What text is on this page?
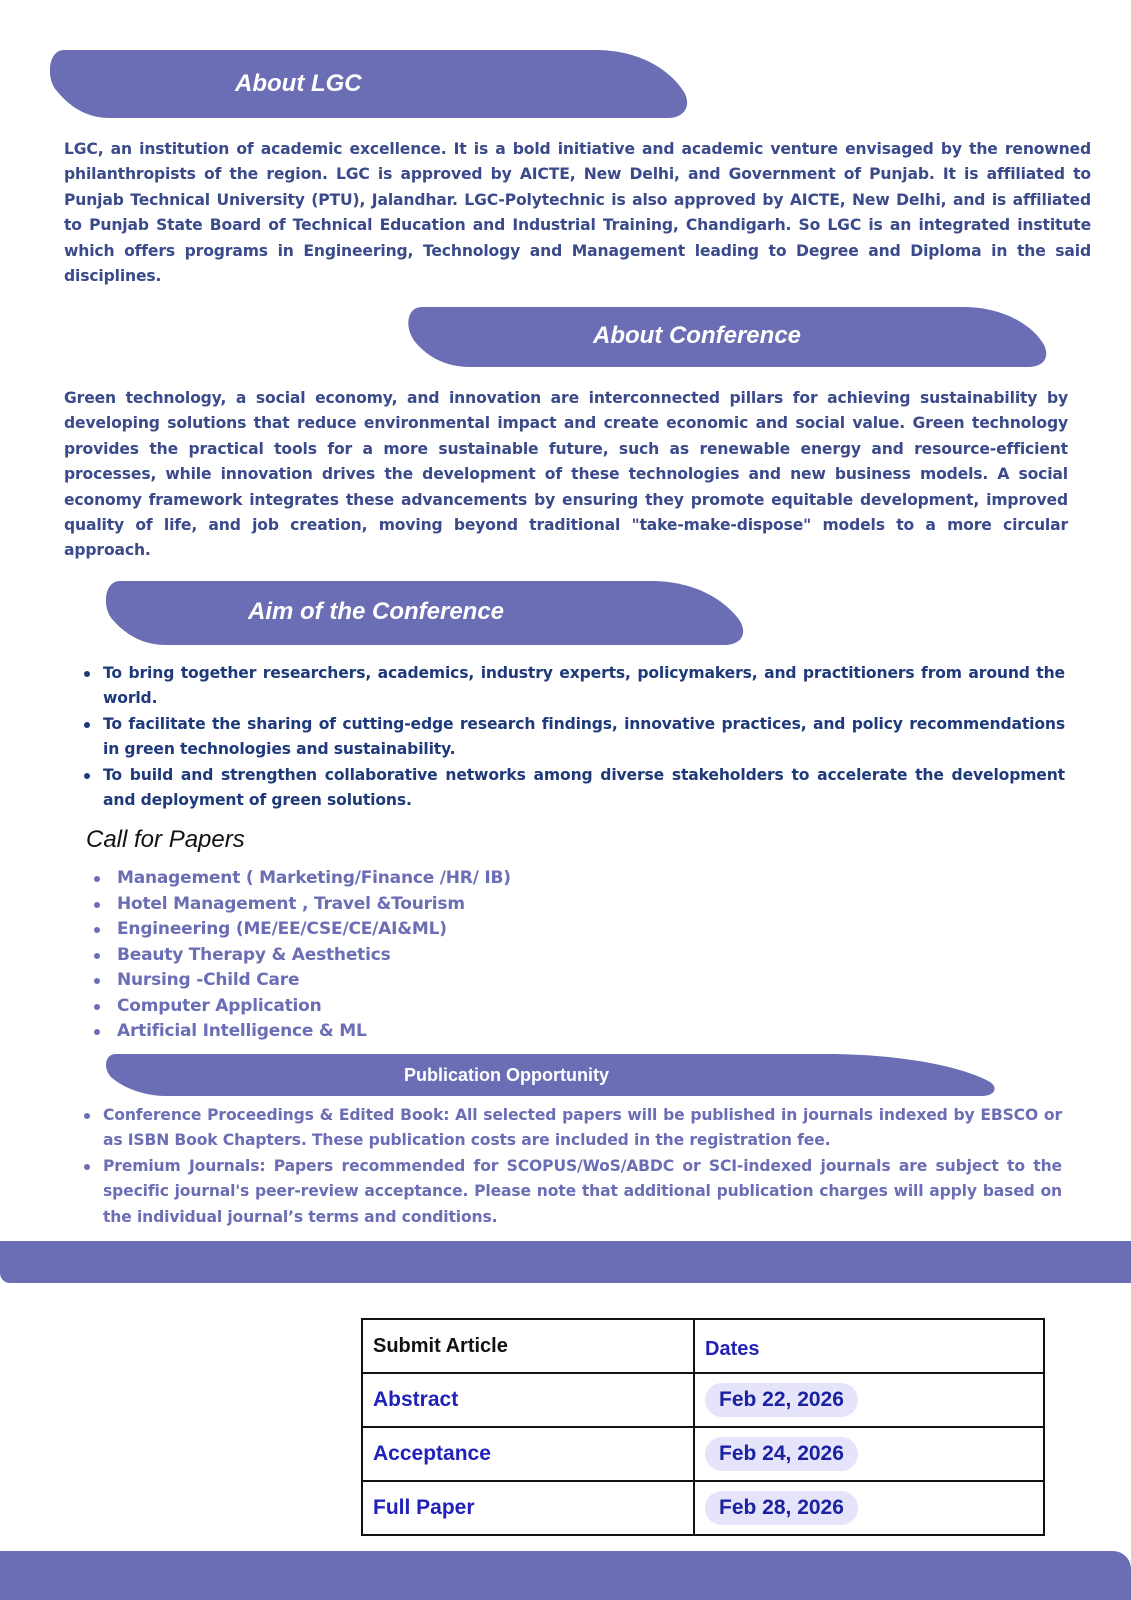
About LGC

LGC, an institution of academic excellence. It is a bold initiative and academic venture envisaged by the renowned philanthropists of the region. LGC is approved by AICTE, New Delhi, and Government of Punjab. It is affiliated to Punjab Technical University (PTU), Jalandhar. LGC-Polytechnic is also approved by AICTE, New Delhi, and is affiliated to Punjab State Board of Technical Education and Industrial Training, Chandigarh. So LGC is an integrated institute which offers programs in Engineering, Technology and Management leading to Degree and Diploma in the said disciplines.

About Conference

Green technology, a social economy, and innovation are interconnected pillars for achieving sustainability by developing solutions that reduce environmental impact and create economic and social value. Green technology provides the practical tools for a more sustainable future, such as renewable energy and resource-efficient processes, while innovation drives the development of these technologies and new business models. A social economy framework integrates these advancements by ensuring they promote equitable development, improved quality of life, and job creation, moving beyond traditional "take-make-dispose" models to a more circular approach.

Aim of the Conference
To bring together researchers, academics, industry experts, policymakers, and practitioners from around the world.
To facilitate the sharing of cutting-edge research findings, innovative practices, and policy recommendations in green technologies and sustainability.
To build and strengthen collaborative networks among diverse stakeholders to accelerate the development and deployment of green solutions.
Call for Papers
Management ( Marketing/Finance /HR/ IB)
Hotel Management , Travel &Tourism
Engineering (ME/EE/CSE/CE/AI&ML)
Beauty Therapy & Aesthetics
Nursing -Child Care
Computer Application
Artificial Intelligence & ML
Publication Opportunity
Conference Proceedings & Edited Book: All selected papers will be published in journals indexed by EBSCO or as ISBN Book Chapters. These publication costs are included in the registration fee.
Premium Journals: Papers recommended for SCOPUS/WoS/ABDC or SCI-indexed journals are subject to the specific journal's peer-review acceptance. Please note that additional publication charges will apply based on the individual journal’s terms and conditions.
Submit Article	Dates
Abstract	Feb 22, 2026
Acceptance	Feb 24, 2026
Full Paper	Feb 28, 2026
